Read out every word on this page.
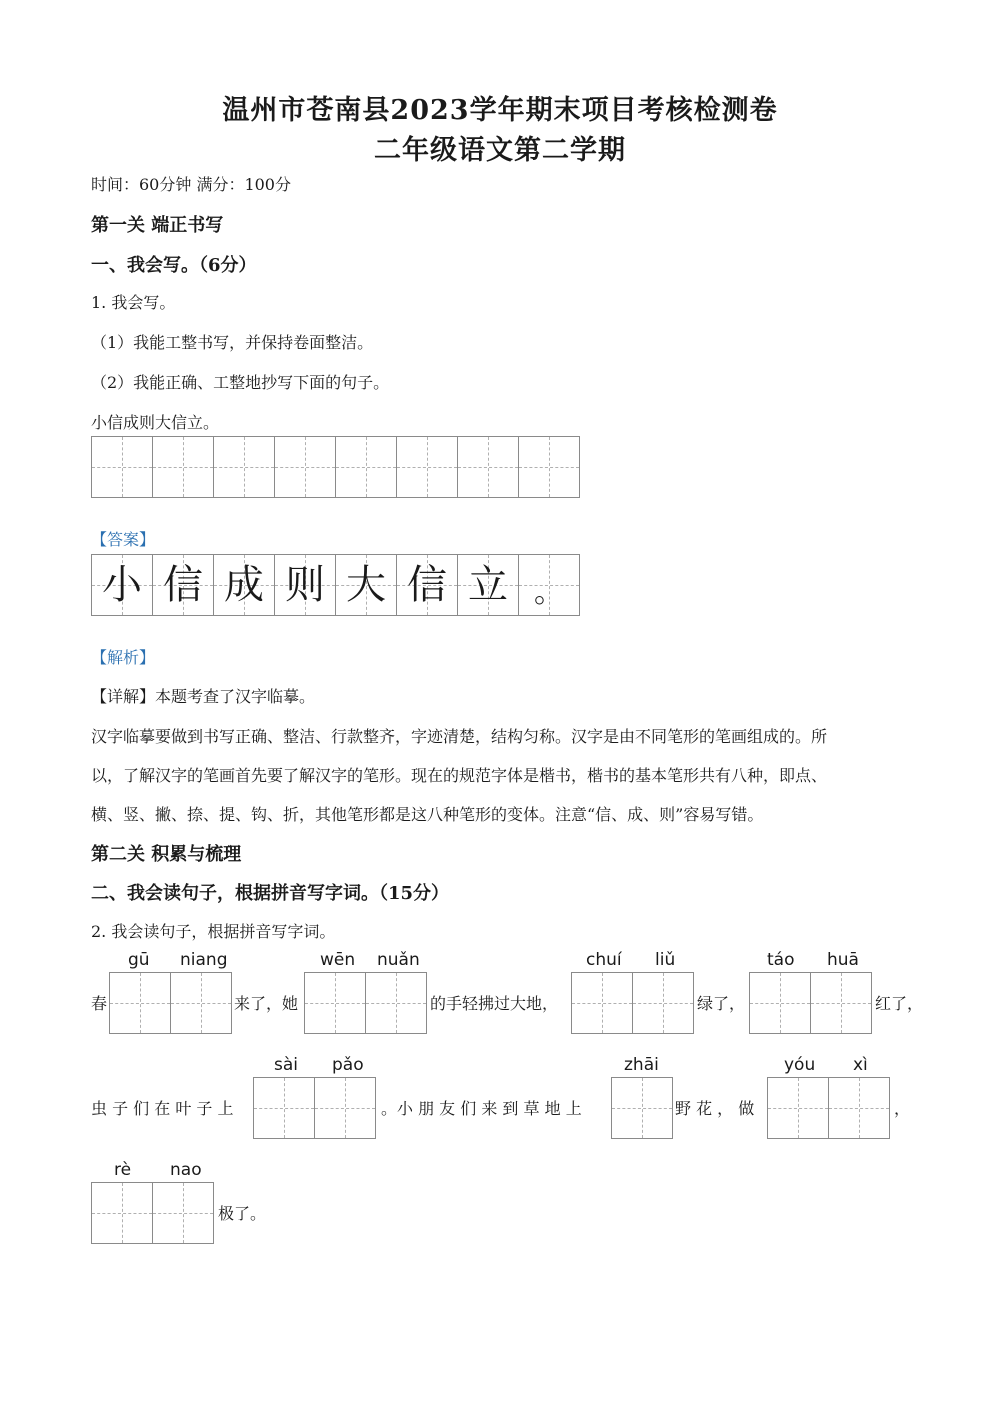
温州市苍南县2023学年期末项目考核检测卷
二年级语文第二学期
时间：60分钟 满分：100分
第一关 端正书写
一、我会写。（6分）
1. 我会写。
（1）我能工整书写，并保持卷面整洁。
（2）我能正确、工整地抄写下面的句子。
小信成则大信立。
【答案】
小 信 成 则 大 信 立 。
【解析】
【详解】本题考查了汉字临摹。
汉字临摹要做到书写正确、整洁、行款整齐，字迹清楚，结构匀称。汉字是由不同笔形的笔画组成的。所
以，了解汉字的笔画首先要了解汉字的笔形。现在的规范字体是楷书，楷书的基本笔形共有八种，即点、
横、竖、撇、捺、提、钩、折，其他笔形都是这八种笔形的变体。注意“信、成、则”容易写错。
第二关 积累与梳理
二、我会读句子，根据拼音写字词。（15分）
2. 我会读句子，根据拼音写字词。
gū niang	wēn nuǎn	chuí liǔ	táo huā
春	来了，她	的手轻拂过大地，	绿了，	红了，
sài pǎo	zhāi	yóu xì
虫 子 们 在 叶 子 上	。小 朋 友 们 来 到 草 地 上	野 花 ， 做	，
rè nao
极了。
